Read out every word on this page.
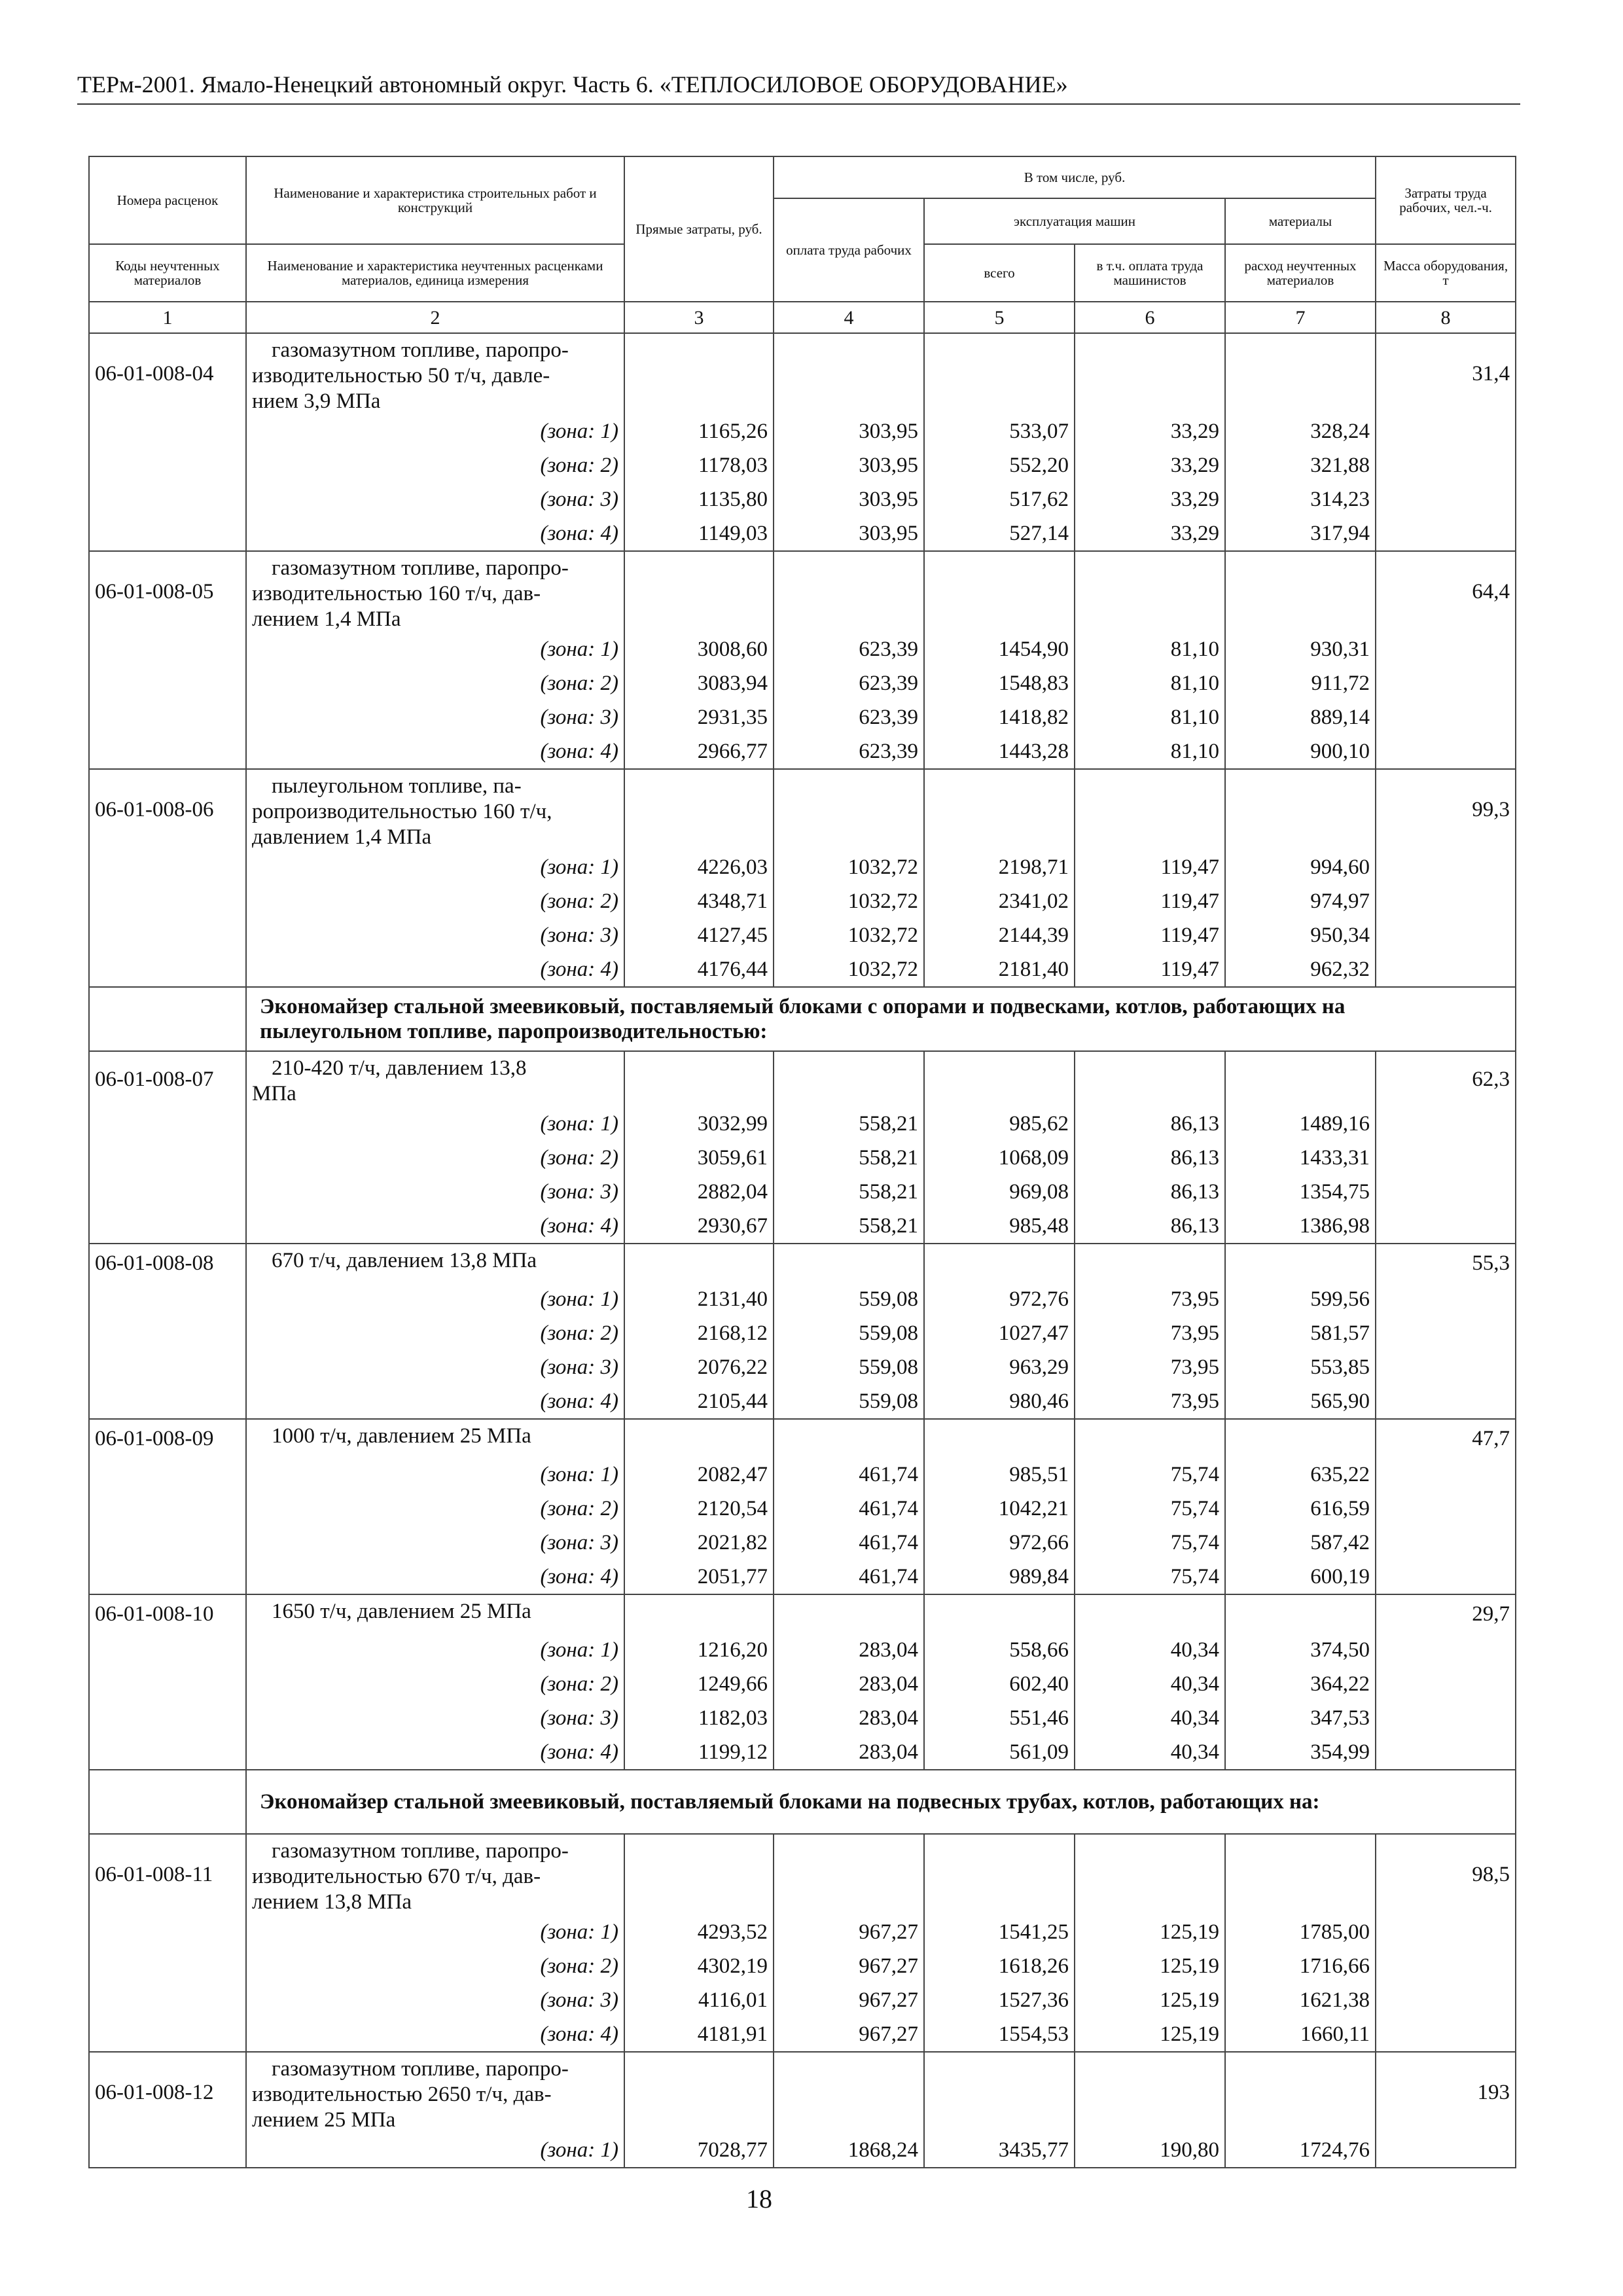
ТЕРм-2001. Ямало-Ненецкий автономный округ. Часть 6. «ТЕПЛОСИЛОВОЕ ОБОРУДОВАНИЕ»
Номера расценок	Наименование и характеристика строительных работ и конструкций	Прямые затраты, руб.	В том числе, руб.				Затраты труда рабочих, чел.-ч.
			оплата труда рабочих	эксплуатация машин		материалы	
Коды неучтенных материалов	Наименование и характеристика неучтенных расценками материалов, единица измерения			всего	в т.ч. оплата труда машинистов	расход неучтенных материалов	Масса оборудования, т
1	2	3	4	5	6	7	8
06-01-008-04	газомазутном топливе, паропро-
изводительностью 50 т/ч, давле-
нием 3,9 МПа						31,4
	(зона: 1)	1165,26	303,95	533,07	33,29	328,24	
	(зона: 2)	1178,03	303,95	552,20	33,29	321,88	
	(зона: 3)	1135,80	303,95	517,62	33,29	314,23	
	(зона: 4)	1149,03	303,95	527,14	33,29	317,94	
06-01-008-05	газомазутном топливе, паропро-
изводительностью 160 т/ч, дав-
лением 1,4 МПа						64,4
	(зона: 1)	3008,60	623,39	1454,90	81,10	930,31	
	(зона: 2)	3083,94	623,39	1548,83	81,10	911,72	
	(зона: 3)	2931,35	623,39	1418,82	81,10	889,14	
	(зона: 4)	2966,77	623,39	1443,28	81,10	900,10	
06-01-008-06	пылеугольном топливе, па-
ропроизводительностью 160 т/ч,
давлением 1,4 МПа						99,3
	(зона: 1)	4226,03	1032,72	2198,71	119,47	994,60	
	(зона: 2)	4348,71	1032,72	2341,02	119,47	974,97	
	(зона: 3)	4127,45	1032,72	2144,39	119,47	950,34	
	(зона: 4)	4176,44	1032,72	2181,40	119,47	962,32	
	Экономайзер стальной змеевиковый, поставляемый блоками с опорами и подвесками, котлов, работающих на пылеугольном топливе, паропроизводительностью:						
06-01-008-07	210-420 т/ч, давлением 13,8
МПа						62,3
	(зона: 1)	3032,99	558,21	985,62	86,13	1489,16	
	(зона: 2)	3059,61	558,21	1068,09	86,13	1433,31	
	(зона: 3)	2882,04	558,21	969,08	86,13	1354,75	
	(зона: 4)	2930,67	558,21	985,48	86,13	1386,98	
06-01-008-08	670 т/ч, давлением 13,8 МПа						55,3
	(зона: 1)	2131,40	559,08	972,76	73,95	599,56	
	(зона: 2)	2168,12	559,08	1027,47	73,95	581,57	
	(зона: 3)	2076,22	559,08	963,29	73,95	553,85	
	(зона: 4)	2105,44	559,08	980,46	73,95	565,90	
06-01-008-09	1000 т/ч, давлением 25 МПа						47,7
	(зона: 1)	2082,47	461,74	985,51	75,74	635,22	
	(зона: 2)	2120,54	461,74	1042,21	75,74	616,59	
	(зона: 3)	2021,82	461,74	972,66	75,74	587,42	
	(зона: 4)	2051,77	461,74	989,84	75,74	600,19	
06-01-008-10	1650 т/ч, давлением 25 МПа						29,7
	(зона: 1)	1216,20	283,04	558,66	40,34	374,50	
	(зона: 2)	1249,66	283,04	602,40	40,34	364,22	
	(зона: 3)	1182,03	283,04	551,46	40,34	347,53	
	(зона: 4)	1199,12	283,04	561,09	40,34	354,99	
	Экономайзер стальной змеевиковый, поставляемый блоками на подвесных трубах, котлов, работающих на:						
06-01-008-11	газомазутном топливе, паропро-
изводительностью 670 т/ч, дав-
лением 13,8 МПа						98,5
	(зона: 1)	4293,52	967,27	1541,25	125,19	1785,00	
	(зона: 2)	4302,19	967,27	1618,26	125,19	1716,66	
	(зона: 3)	4116,01	967,27	1527,36	125,19	1621,38	
	(зона: 4)	4181,91	967,27	1554,53	125,19	1660,11	
06-01-008-12	газомазутном топливе, паропро-
изводительностью 2650 т/ч, дав-
лением 25 МПа						193
	(зона: 1)	7028,77	1868,24	3435,77	190,80	1724,76	
18
